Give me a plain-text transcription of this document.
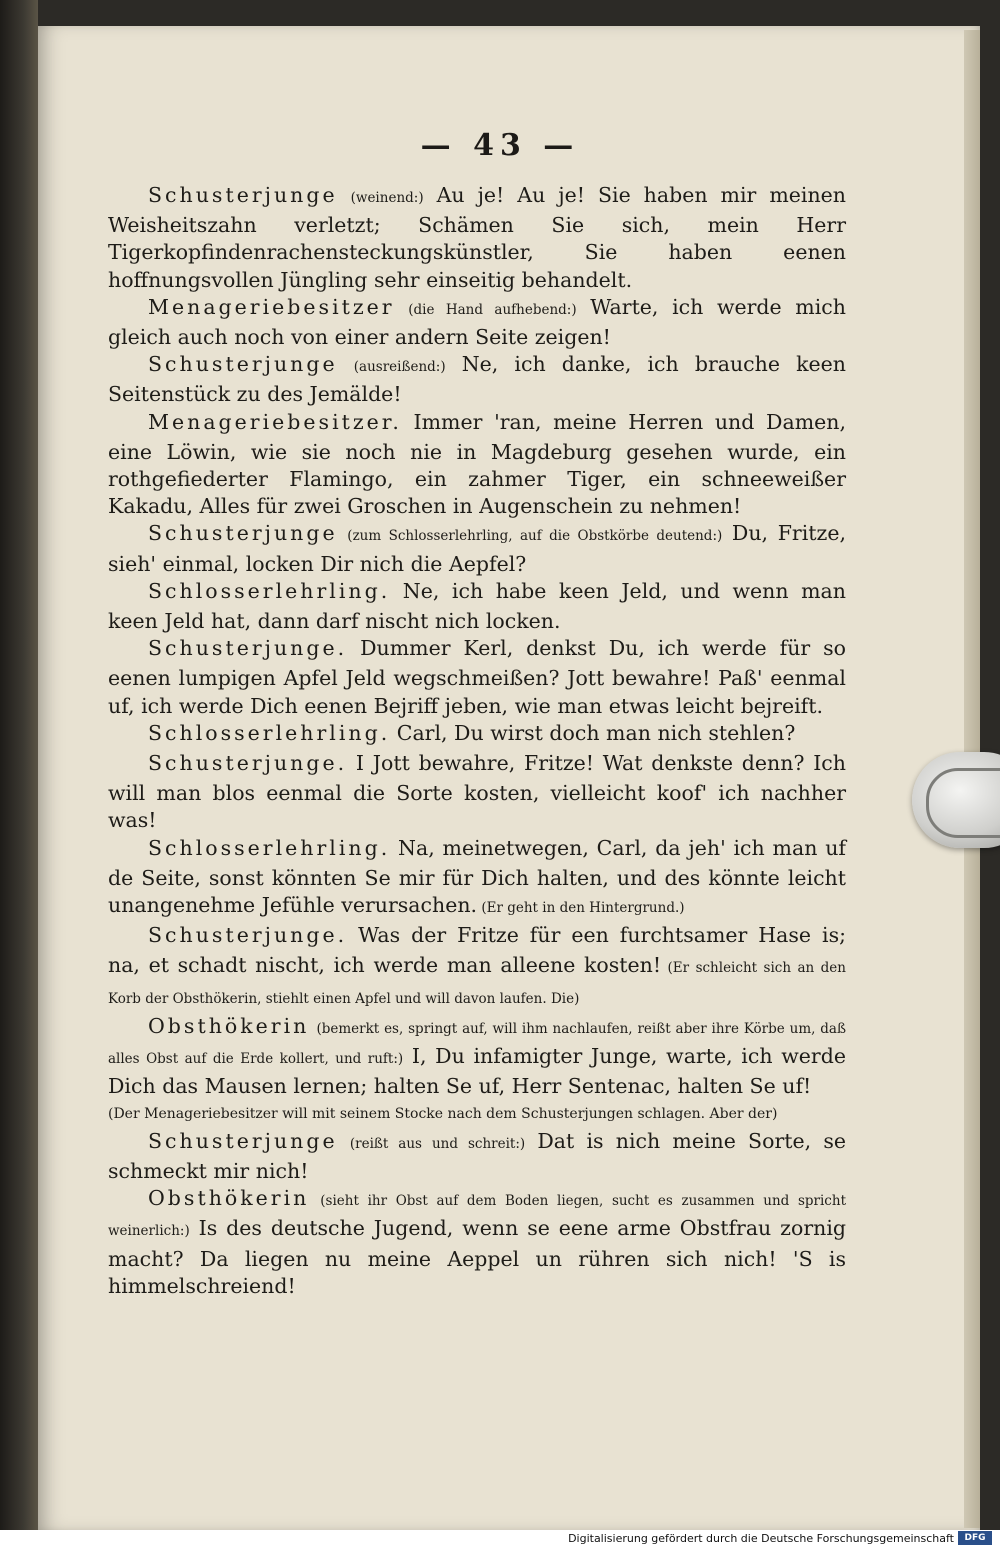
— 43 —

Schusterjunge (weinend:) Au je! Au je! Sie haben mir meinen Weisheitszahn verletzt; Schämen Sie sich, mein Herr Tigerkopfindenrachensteckungskünstler, Sie haben eenen hoffnungsvollen Jüngling sehr einseitig behandelt.

Menageriebesitzer (die Hand aufhebend:) Warte, ich werde mich gleich auch noch von einer andern Seite zeigen!

Schusterjunge (ausreißend:) Ne, ich danke, ich brauche keen Seitenstück zu des Jemälde!

Menageriebesitzer. Immer 'ran, meine Herren und Damen, eine Löwin, wie sie noch nie in Magdeburg gesehen wurde, ein rothgefiederter Flamingo, ein zahmer Tiger, ein schneeweißer Kakadu, Alles für zwei Groschen in Augenschein zu nehmen!

Schusterjunge (zum Schlosserlehrling, auf die Obstkörbe deutend:) Du, Fritze, sieh' einmal, locken Dir nich die Aepfel?

Schlosserlehrling. Ne, ich habe keen Jeld, und wenn man keen Jeld hat, dann darf nischt nich locken.

Schusterjunge. Dummer Kerl, denkst Du, ich werde für so eenen lumpigen Apfel Jeld wegschmeißen? Jott bewahre! Paß' eenmal uf, ich werde Dich eenen Bejriff jeben, wie man etwas leicht bejreift.

Schlosserlehrling. Carl, Du wirst doch man nich stehlen?

Schusterjunge. I Jott bewahre, Fritze! Wat denkste denn? Ich will man blos eenmal die Sorte kosten, vielleicht koof' ich nachher was!

Schlosserlehrling. Na, meinetwegen, Carl, da jeh' ich man uf de Seite, sonst könnten Se mir für Dich halten, und des könnte leicht unangenehme Jefühle verursachen. (Er geht in den Hintergrund.)

Schusterjunge. Was der Fritze für een furchtsamer Hase is; na, et schadt nischt, ich werde man alleene kosten! (Er schleicht sich an den Korb der Obsthökerin, stiehlt einen Apfel und will davon laufen. Die)

Obsthökerin (bemerkt es, springt auf, will ihm nachlaufen, reißt aber ihre Körbe um, daß alles Obst auf die Erde kollert, und ruft:) I, Du infamigter Junge, warte, ich werde Dich das Mausen lernen; halten Se uf, Herr Sentenac, halten Se uf!

(Der Menageriebesitzer will mit seinem Stocke nach dem Schusterjungen schlagen. Aber der)

Schusterjunge (reißt aus und schreit:) Dat is nich meine Sorte, se schmeckt mir nich!

Obsthökerin (sieht ihr Obst auf dem Boden liegen, sucht es zusammen und spricht weinerlich:) Is des deutsche Jugend, wenn se eene arme Obstfrau zornig macht? Da liegen nu meine Aeppel un rühren sich nich! 'S is himmelschreiend!

Digitalisierung gefördert durch die Deutsche Forschungsgemeinschaft	DFG
